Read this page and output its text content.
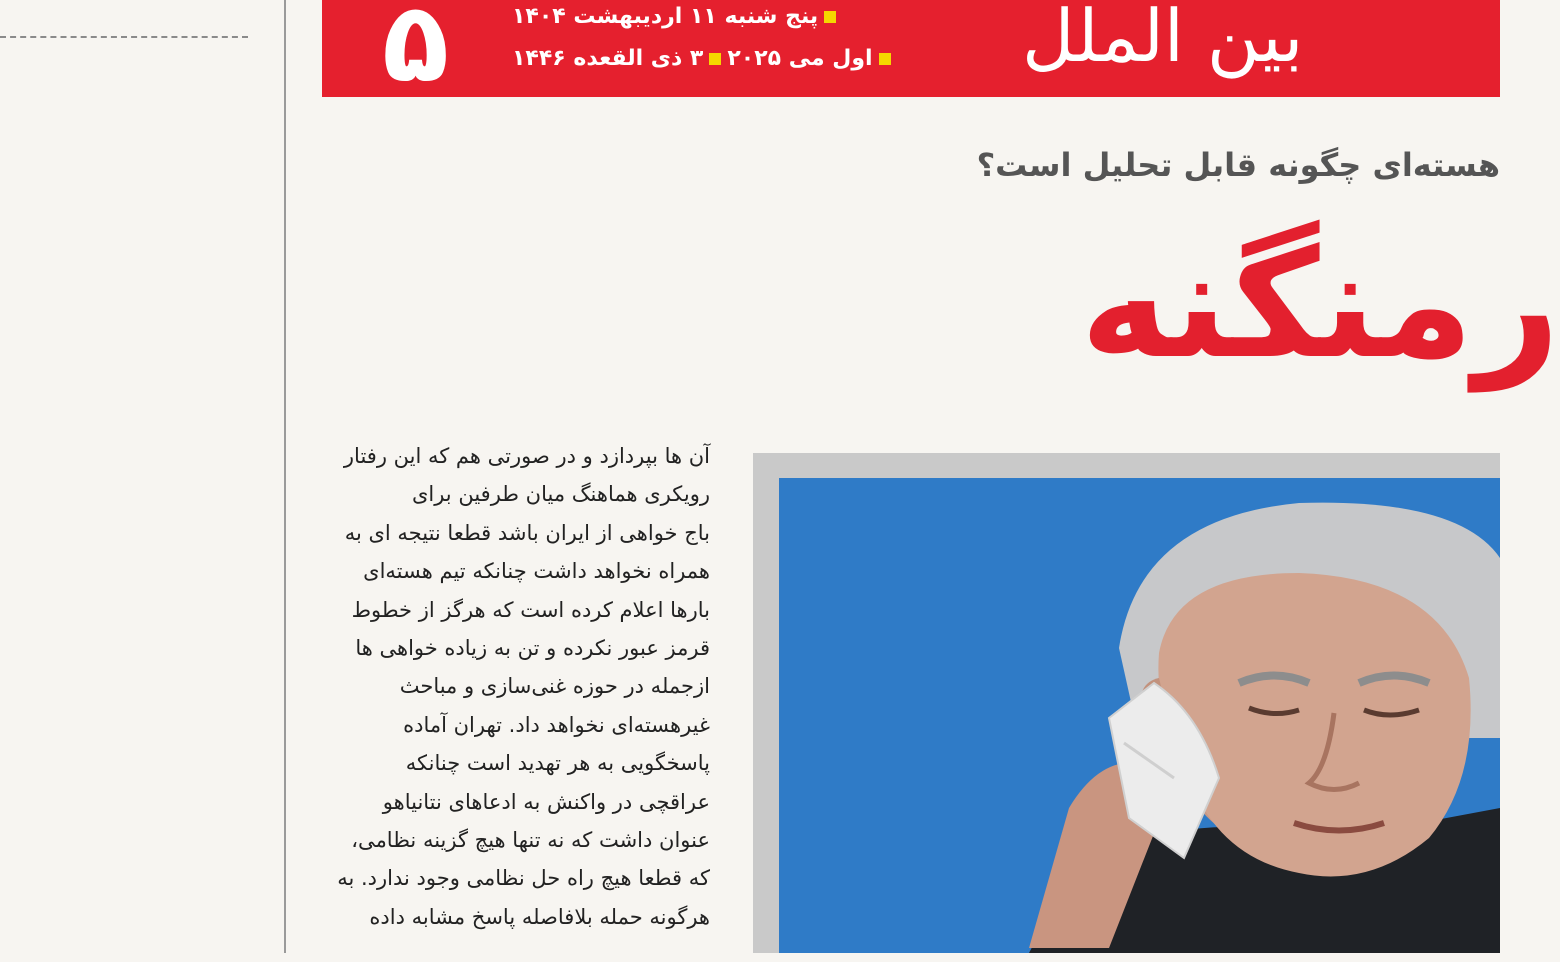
۵	پنج شنبه ۱۱ اردیبهشت ۱۴۰۴
اول می ۲۰۲۵۳ ذی القعده ۱۴۴۶	بین الملل
هسته‌ای چگونه قابل تحلیل است؟
رمنگنه
آن ها بپردازد و در صورتی هم که این رفتار
رویکری هماهنگ میان طرفین برای
باج خواهی از ایران باشد قطعا نتیجه ای به
همراه نخواهد داشت چنانکه تیم هسته‌ای
بارها اعلام کرده است که هرگز از خطوط
قرمز عبور نکرده و تن به زیاده خواهی ها
ازجمله در حوزه غنی‌سازی و مباحث
غیرهسته‌ای نخواهد داد. تهران آماده
پاسخگویی به هر تهدید است چنانکه
عراقچی در واکنش به ادعاهای نتانیاهو
عنوان داشت که نه تنها هیچ گزینه نظامی،
که قطعا هیچ راه حل نظامی وجود ندارد. به
هرگونه حمله بلافاصله پاسخ مشابه داده
